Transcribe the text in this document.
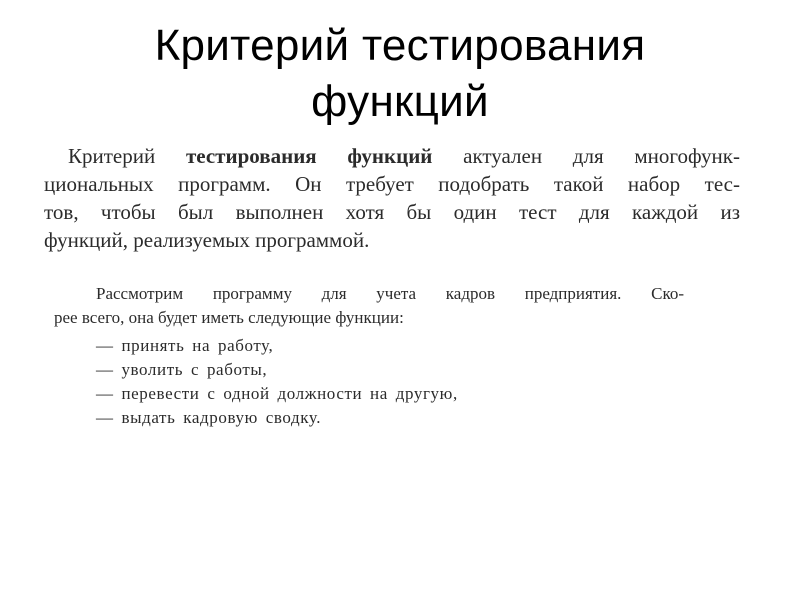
Критерий тестирования
функций
Критерий тестирования функций актуален для многофунк-
циональных программ. Он требует подобрать такой набор тес-
тов, чтобы был выполнен хотя бы один тест для каждой из
функций, реализуемых программой.
Рассмотрим программу для учета кадров предприятия. Ско-
рее всего, она будет иметь следующие функции:
— принять на работу,
— уволить с работы,
— перевести с одной должности на другую,
— выдать кадровую сводку.
